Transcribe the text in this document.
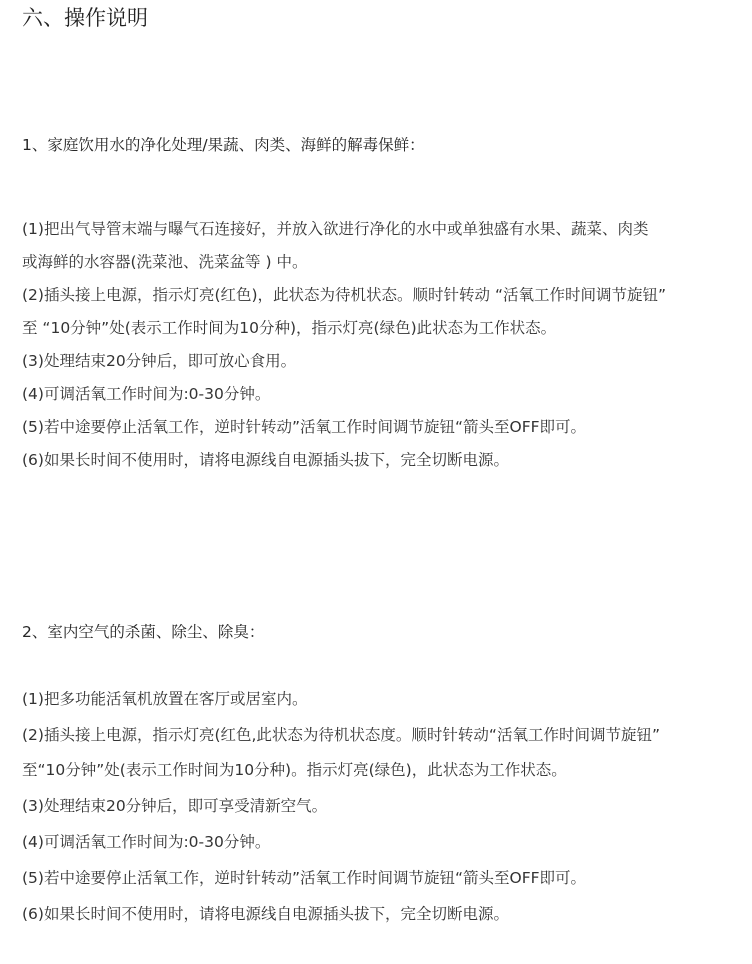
六、操作说明
1、家庭饮用水的净化处理/果蔬、肉类、海鲜的解毒保鲜：
(1)把出气导管末端与曝气石连接好，并放入欲进行净化的水中或单独盛有水果、蔬菜、肉类
或海鲜的水容器(洗菜池、洗菜盆等 ) 中。
(2)插头接上电源，指示灯亮(红色)，此状态为待机状态。顺时针转动 “活氧工作时间调节旋钮”
至 “10分钟”处(表示工作时间为10分种)，指示灯亮(绿色)此状态为工作状态。
(3)处理结束20分钟后，即可放心食用。
(4)可调活氧工作时间为:0-30分钟。
(5)若中途要停止活氧工作，逆时针转动”活氧工作时间调节旋钮“箭头至OFF即可。
(6)如果长时间不使用时，请将电源线自电源插头拔下，完全切断电源。
2、室内空气的杀菌、除尘、除臭：
(1)把多功能活氧机放置在客厅或居室内。
(2)插头接上电源，指示灯亮(红色,此状态为待机状态度。顺时针转动“活氧工作时间调节旋钮”
至“10分钟”处(表示工作时间为10分种)。指示灯亮(绿色)，此状态为工作状态。
(3)处理结束20分钟后，即可享受清新空气。
(4)可调活氧工作时间为:0-30分钟。
(5)若中途要停止活氧工作，逆时针转动”活氧工作时间调节旋钮“箭头至OFF即可。
(6)如果长时间不使用时，请将电源线自电源插头拔下，完全切断电源。
